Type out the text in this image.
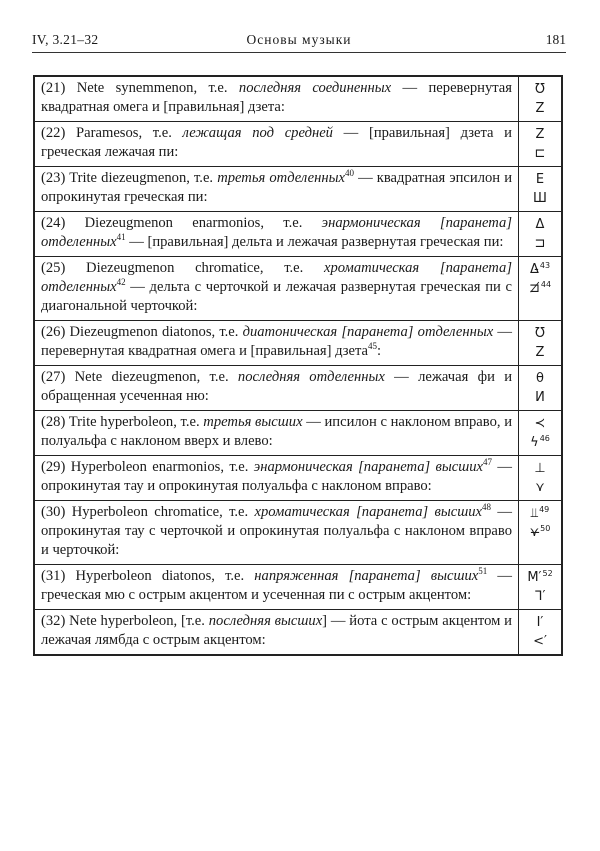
IV, 3.21–32	Основы музыки	181
(21) Nete synemmenon, т.е. последняя соединенных — перевернутая квадратная омега и [правильная] дзета:
Ʊ
Z
(22) Paramesos, т.е. лежащая под средней — [правильная] дзета и греческая лежачая пи:
Z
⊏
(23) Trite diezeugmenon, т.е. третья отделенных$^{40}$ — квадратная эпсилон и опрокинутая греческая пи:
E
Ш
(24) Diezeugmenon enarmonios, т.е. энармоническая [паранета] отделенных$^{41}$ — [правильная] дельта и лежачая развернутая греческая пи:
Δ
⊐
(25) Diezeugmenon chromatice, т.е. хроматическая [паранета] отделенных$^{42}$ — дельта с черточкой и лежачая развернутая греческая пи с диагональной черточкой:
Δ̵$^{43}$
⊐̸$^{44}$
(26) Diezeugmenon diatonos, т.е. диатоническая [паранета] отделенных — перевернутая квадратная омега и [правильная] дзета$^{45}$:
Ʊ
Z
(27) Nete diezeugmenon, т.е. последняя отделенных — лежачая фи и обращенная усеченная ню:
θ
И
(28) Trite hyperboleon, т.е. третья высших — ипсилон с наклоном вправо, и полуальфа с наклоном вверх и влево:
≺
$ϟ^{46}$
(29) Hyperboleon enarmonios, т.е. энармоническая [паранета] высших$^{47}$ — опрокинутая тау и опрокинутая полуальфа с наклоном вправо:
⊥
⋎
(30) Hyperboleon chromatice, т.е. хроматическая [паранета] высших$^{48}$ — опрокинутая тау с черточкой и опрокинутая полуальфа с наклоном вправо и черточкой:
⫫$^{49}$
⋎̶$^{50}$
(31) Hyperboleon diatonos, т.е. напряженная [паранета] высших$^{51}$ — греческая мю с острым акцентом и усеченная пи с острым акцентом:
$M'^{52}$
ᒣ′
(32) Nete hyperboleon, [т.е. последняя высших] — йота с острым акцентом и лежачая лямбда с острым акцентом:
I′
<′
